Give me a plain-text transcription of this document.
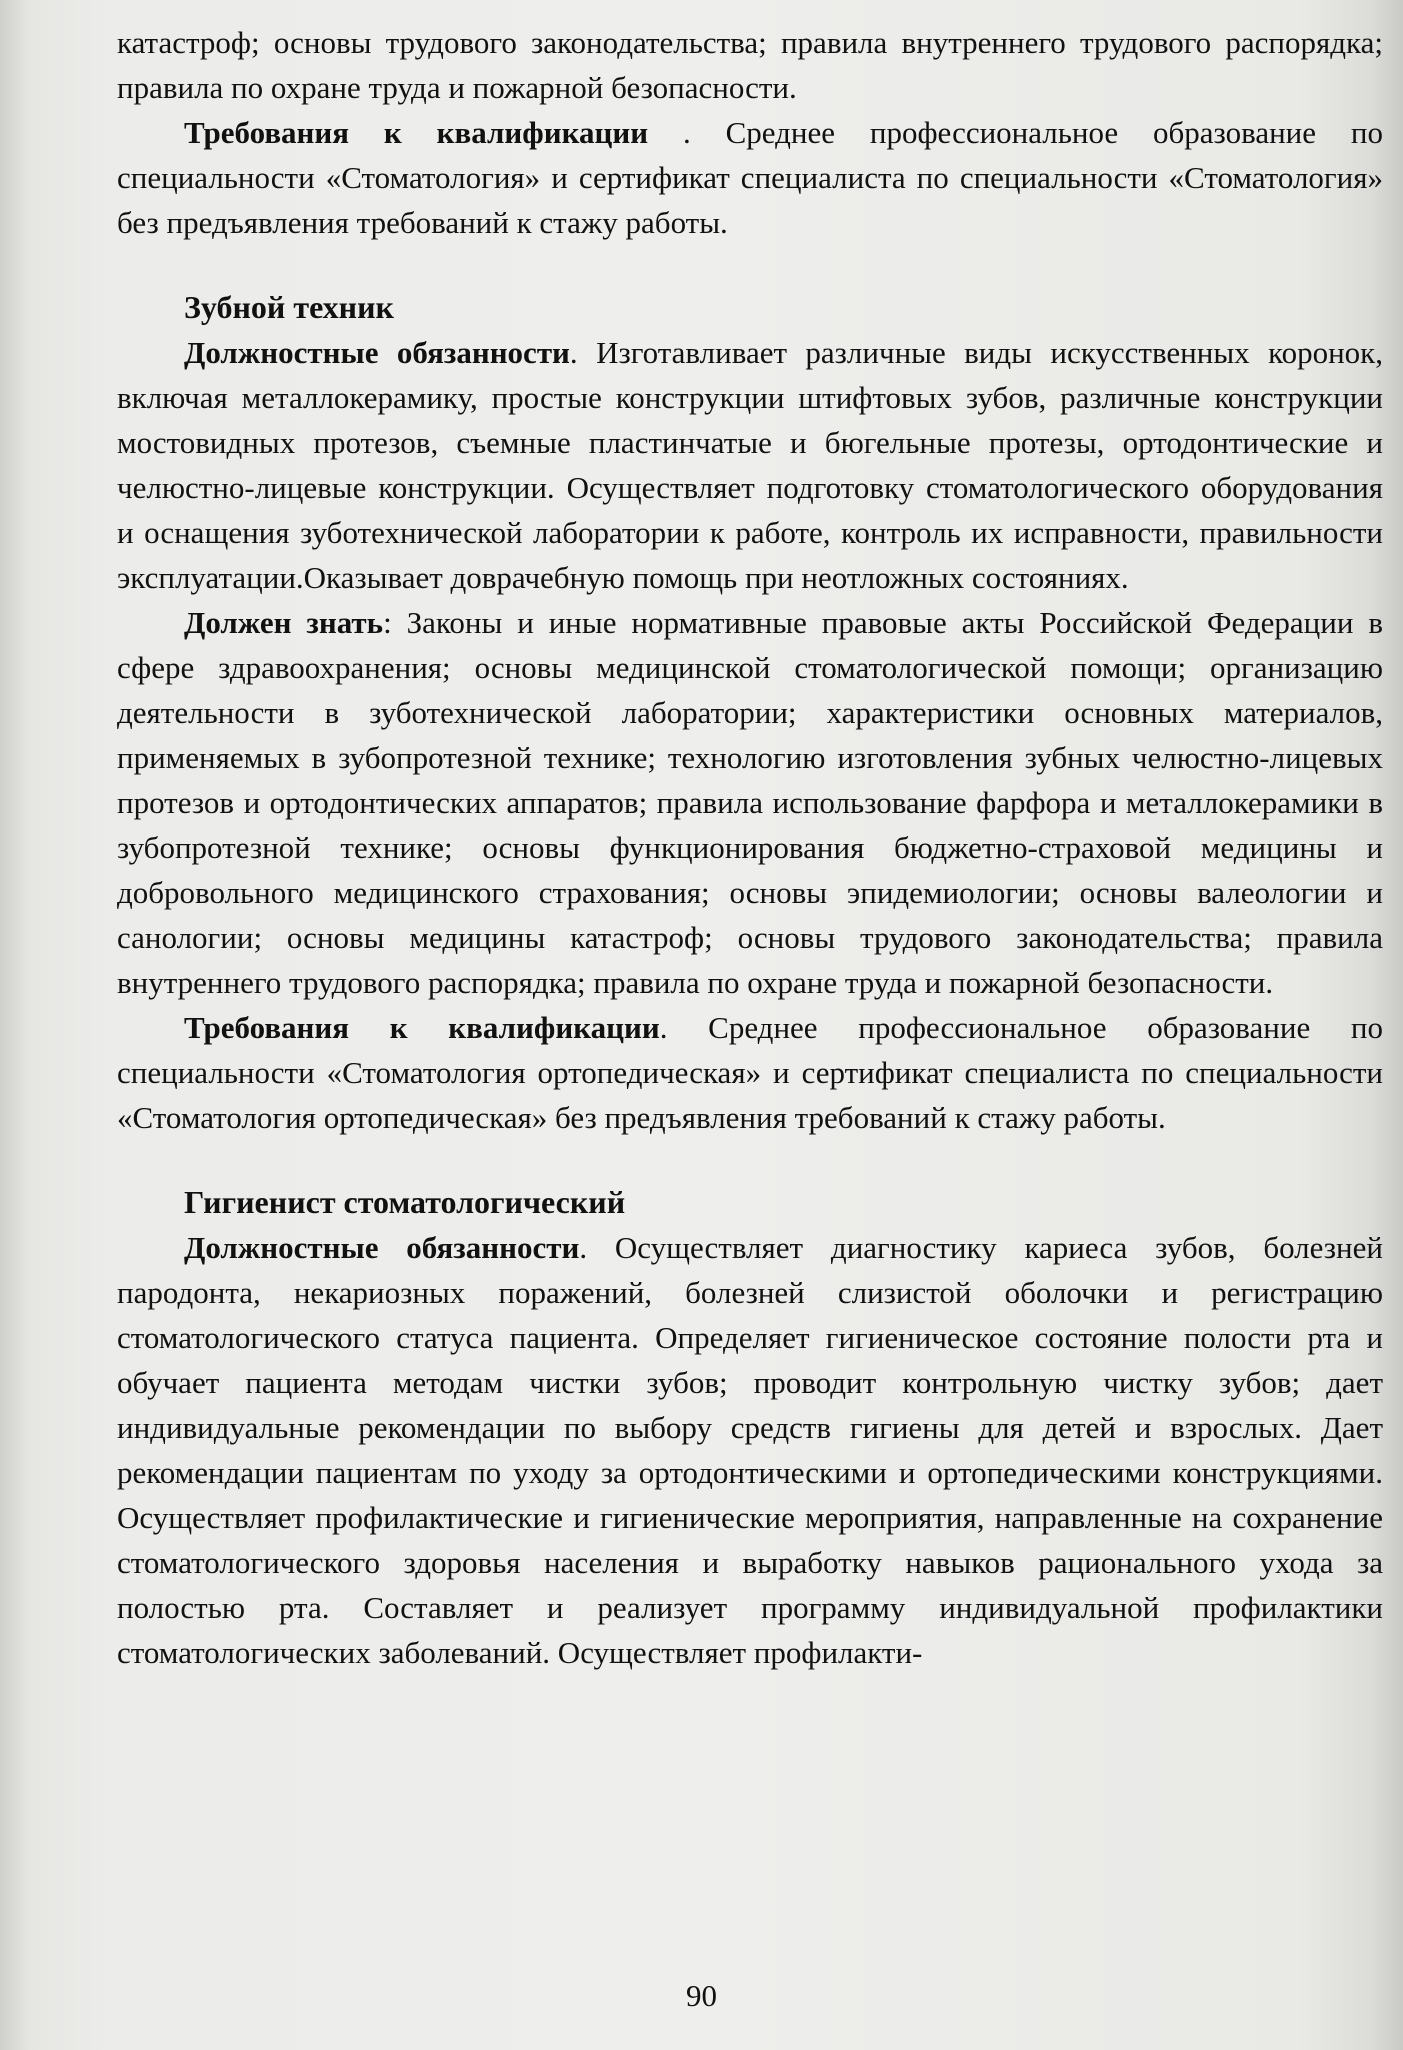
катастроф; основы трудового законодательства; правила внутреннего трудового распорядка; правила по охране труда и пожарной безопасности.

Требования к квалификации . Среднее профессиональное образование по специальности «Стоматология» и сертификат специалиста по специальности «Стоматология» без предъявления требований к стажу работы.

Зубной техник

Должностные обязанности. Изготавливает различные виды искусственных коронок, включая металлокерамику, простые конструкции штифтовых зубов, различные конструкции мостовидных протезов, съемные пластинчатые и бюгельные протезы, ортодонтические и челюстно-лицевые конструкции. Осуществляет подготовку стоматологического оборудования и оснащения зуботехнической лаборатории к работе, контроль их исправности, правильности эксплуатации.Оказывает доврачебную помощь при неотложных состояниях.

Должен знать: Законы и иные нормативные правовые акты Российской Федерации в сфере здравоохранения; основы медицинской стоматологической помощи; организацию деятельности в зуботехнической лаборатории; характеристики основных материалов, применяемых в зубопротезной технике; технологию изготовления зубных челюстно-лицевых протезов и ортодонтических аппаратов; правила использование фарфора и металлокерамики в зубопротезной технике; основы функционирования бюджетно-страховой медицины и добровольного медицинского страхования; основы эпидемиологии; основы валеологии и санологии; основы медицины катастроф; основы трудового законодательства; правила внутреннего трудового распорядка; правила по охране труда и пожарной безопасности.

Требования к квалификации. Среднее профессиональное образование по специальности «Стоматология ортопедическая» и сертификат специалиста по специальности «Стоматология ортопедическая» без предъявления требований к стажу работы.

Гигиенист стоматологический

Должностные обязанности. Осуществляет диагностику кариеса зубов, болезней пародонта, некариозных поражений, болезней слизистой оболочки и регистрацию стоматологического статуса пациента. Определяет гигиеническое состояние полости рта и обучает пациента методам чистки зубов; проводит контрольную чистку зубов; дает индивидуальные рекомендации по выбору средств гигиены для детей и взрослых. Дает рекомендации пациентам по уходу за ортодонтическими и ортопедическими конструкциями. Осуществляет профилактические и гигиенические мероприятия, направленные на сохранение стоматологического здоровья населения и выработку навыков рационального ухода за полостью рта. Составляет и реализует программу индивидуальной профилактики стоматологических заболеваний. Осуществляет профилакти-

90
